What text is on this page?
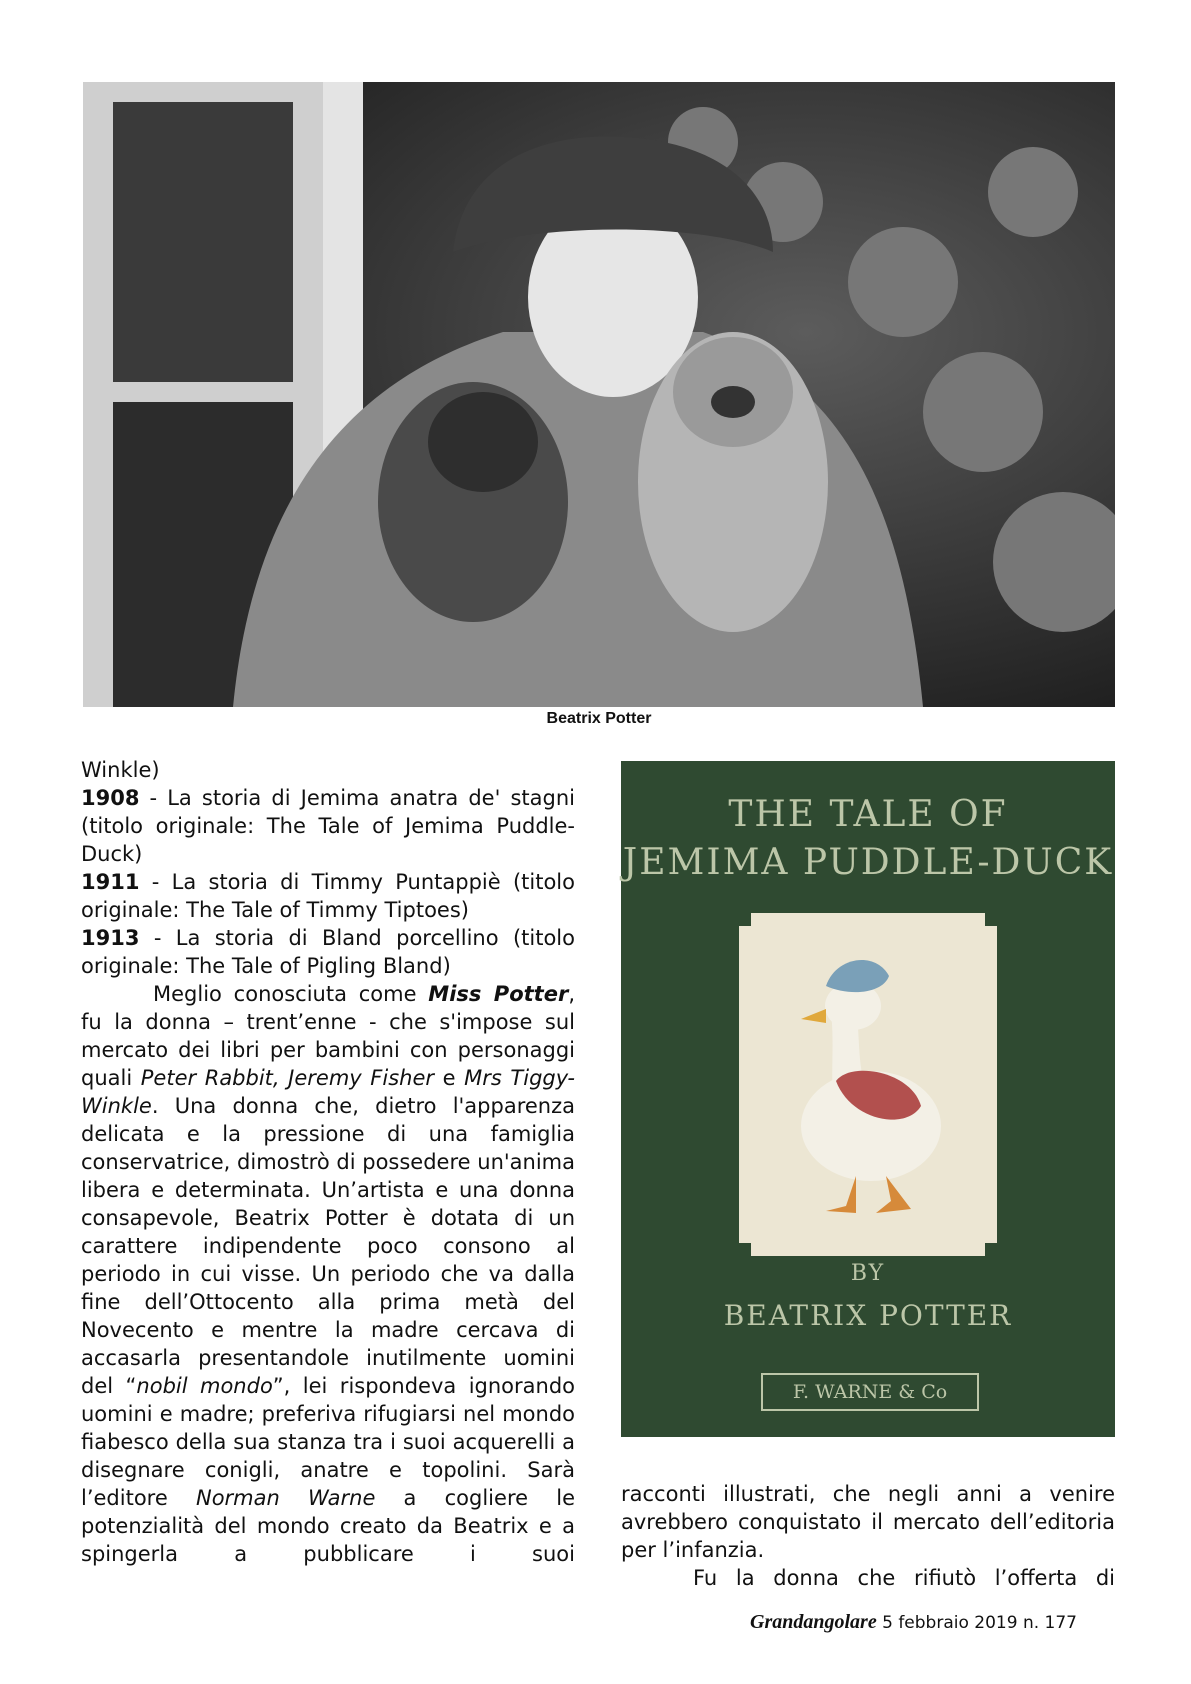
Beatrix Potter

Winkle)

1908 - La storia di Jemima anatra de' stagni (titolo originale: The Tale of Jemima Puddle-Duck)

1911 - La storia di Timmy Puntappiè (titolo originale: The Tale of Timmy Tiptoes)

1913 - La storia di Bland porcellino (titolo originale: The Tale of Pigling Bland)

Meglio conosciuta come Miss Potter, fu la donna – trent’enne - che s'impose sul mercato dei libri per bambini con personaggi quali Peter Rabbit, Jeremy Fisher e Mrs Tiggy-Winkle. Una donna che, dietro l'apparenza delicata e la pressione di una famiglia conservatrice, dimostrò di possedere un'anima libera e determinata. Un’artista e una donna consapevole, Beatrix Potter è dotata di un carattere indipendente poco consono al periodo in cui visse. Un periodo che va dalla fine dell’Ottocento alla prima metà del Novecento e mentre la madre cercava di accasarla presentandole inutilmente uomini del “nobil mondo”, lei rispondeva ignorando uomini e madre; preferiva rifugiarsi nel mondo fiabesco della sua stanza tra i suoi acquerelli a disegnare conigli, anatre e topolini. Sarà l’editore Norman Warne a cogliere le potenzialità del mondo creato da Beatrix e a spingerla a pubblicare i suoi

THE TALE OF
JEMIMA PUDDLE-DUCK
BY
BEATRIX POTTER
F. WARNE & Co

racconti illustrati, che negli anni a venire avrebbero conquistato il mercato dell’editoria per l’infanzia.

Fu la donna che rifiutò l’offerta di

Grandangolare 5 febbraio 2019 n. 177
